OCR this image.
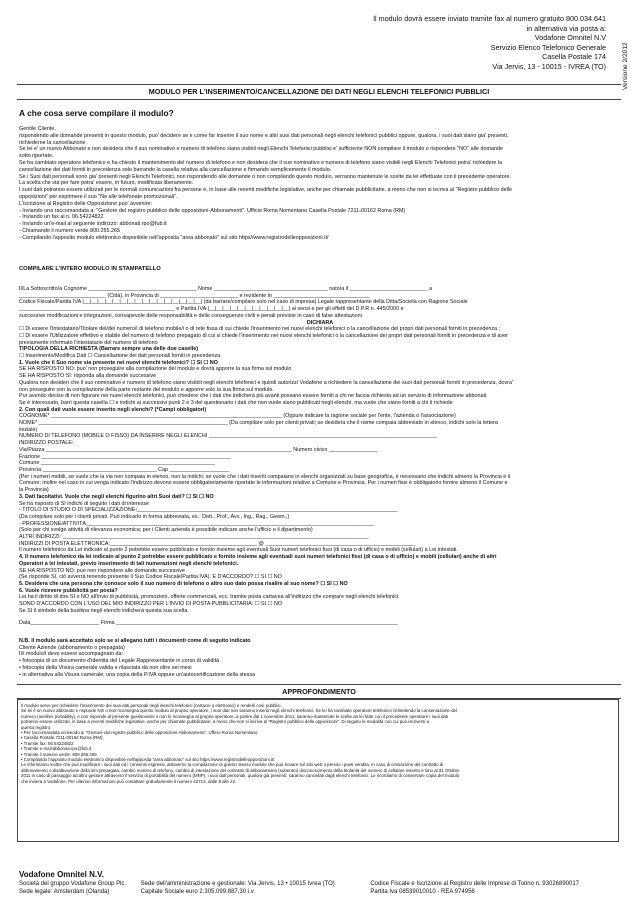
Il modulo dovrà essere inviato tramite fax al numero gratuito 800.034.641
in alternativa via posta a:
Vodafone Omnitel N.V
Servizio Elenco Telefonico Generale
Casella Postale 174
Via Jervis, 13 - 10015 - IVREA (TO) Versione 2/2012
MODULO PER L'INSERIMENTO/CANCELLAZIONE DEI DATI NEGLI ELENCHI TELEFONICI PUBBLICI
A che cosa serve compilare il modulo?

Gentile Cliente,

rispondendo alle domande presenti in questo modulo, puo' decidere se e come far inserire il suo nome e altri suoi dati personali negli elenchi telefonici pubblici oppure, qualora, i suoi dati siano gia' presenti,

richiederne la cancellazione .

Se lei e' un nuovo Abbonato e non desidera che il suo nominativo e numero di telefono siano visibili negli Elenchi Telefonici pubblici e' sufficiente NON compilare il modulo o rispondere "NO" alle domande

sotto riportate.

Se ha cambiato operatore telefonico e ha chiesto il mantenimento del numero di telefono e non desidera che il suo nominativo e numero di telefono siano visibili negli Elenchi Telefonici potra' richiedere la

cancellazione dei dati forniti in precedenza solo barrando la casella relativa alla cancellazione e firmando semplicemente il modulo.

Se i Suoi dati personali sono gia' presenti negli Elenchi Telefonici, non rispondendo alle domande o non compilando questo modulo, verranno mantenute le scelte da lei effettuate con il precedente operatore.

La scelta che sta per fare potra' essere, in futuro, modificata liberamente.

I suoi dati potranno essere utilizzati per le normali comunicazioni fra persone e, in base alle recenti modifiche legislative, anche per chiamate pubblicitarie, a meno che non si iscriva al "Registro pubblico delle

opposizioni" per esprimere il suo "No alle telefonate promozionali".

L'iscrizione al Registro delle Opposizione puo' avvenire:

- Inviando una raccomandata a: "Gestore del registro pubblico delle opposizioni-Abbonamenti". Ufficio Roma Nomentano Casella Postale 7211-00162 Roma (RM)

- Inviando un fax al n. 06.54224822

- Inviando un'e-mail al seguente indirizzo: abbonati.rpo@fub.it

- Chiamando il numero verde 800.265.265

- Compilando l'apposito modulo elettronico disponibile nell'apposita "area abbonato" sul sito https//www.registrodelleopposizioni.it/

COMPILARE L'INTERO MODULO IN STAMPATELLO

Il/La Sottoscritto/a Cognome ____________________________________ Nome ______________________________________ nato/a il __________________________ a

_____________________________ (Città), in Provincia di __________________________ e residente in ________________________________

Codice Fiscale/Partita IVA |__|__|__|__|__|__|__|__|__|__|__|__|__|__|__|__| (da barrare/compilare solo nel caso di impresa) Legale rappresentante della Ditta/Società con Ragione Sociale

____________________________________________________ e Partita IVA |__|__|__|__|__|__|__|__|__|__|__| ai sensi e per gli effetti del D.P.R n. 445/2000 e

successive modificazioni e integrazioni, consapevole delle responsabilità e delle conseguenze civili e penali previste in caso di false attestazioni

DICHIARA

☐ Di essere l'Intestatario/Titolare del/dei numero/i di telefono mobile/i o di rete fissa di cui chiede l'inserimento nei nuovi elenchi telefonici o la cancellazione dei propri dati personali forniti in precedenza ;

☐ Di essere l'Utilizzatore effettivo e stabile del numero di telefono prepagato di cui si chiede l'inserimento nei nuovi elenchi telefonici o la cancellazione dei propri dati personali forniti in precedenza e di aver

previamente informato l'intestatario del numero di telefono

TIPOLOGIA DELLA RICHIESTA (Barrare sempre una delle due caselle)

☐ Inserimento/Modifica Dati ☐ Cancellazione dei dati personali forniti in precedenza

1. Vuole che il Suo nome sia presente nei nuovi elenchi telefonici? ☐ SI ☐ NO

SE HA RISPOSTO NO: puo' non proseguire alla compilazione del modulo e dovrà apporre la sua firma sul modulo

SE HA RISPOSTO SI: risponda alla domande successive

Qualora non desideri che il suo nominativo e numero di telefono siano visibili negli elenchi telefonici e quindi autorizzi Vodafone a richiedere la cancellazione dei suoi dati personali forniti in precedenza, dovra'

non proseguire con la compilazione della parte restante del modulo e apporre solo la sua firma sul modulo.

Pur avendo deciso di non figurare nei nuovi elenchi telefonici, può chiedere che i dati che indicherà più avanti possano essere forniti a chi ne faccia richiesta ad un servizio di informazione abbonati.

Se è interessato, barri questa casella ☐ e indichi ai successivi punti 2 e 3 del questionario i dati che non vuole siano pubblicati negli elenchi, ma vuole che siano forniti a chi li richiede

2. Con quali dati vuole essere inserito negli elenchi? (*Campi obbligatori)

COGNOME* _____________________________________________________________________________ (Oppure indicare la ragione sociale per l'ente, l'azienda o l'associazione)

NOME* _______________________________________________________________ (Da compilare solo per clienti privati; se desidera che il nome compaia abbreviato in elenco, indichi solo la lettera

iniziale)

NUMERO DI TELEFONO (MOBILE O FISSO) DA INSERIRE NEGLI ELENCHI ____________________________________________________________________________

INDIRIZZO POSTALE:

Via/Piazza __________________________________________________________________________________ Numero civico ________________

Frazione _______________________________________________________________

Comune __________________________________________________________

Provincia ______________________________________ Cap ____________________

(Per i numeri mobili, se vuole che la via non compaia in elenco, non la indichi; se vuole che i dati inseriti compaiano in elenchi organizzati su base geografica, è necessario che indichi almeno la Provincia e il

Comune; inoltre nel caso in cui venga indicato l'indirizzo devono essere obbligatoriamente riportate le informazioni relative a Comune e Provincia. Per i numeri fissi è obbligatorio fornire almeno il Comune e

la Provincia)

3. Dati facoltativi. Vuole che negli elenchi figurino altri Suoi dati? ☐ SI ☐ NO

Se ha risposto di SI indichi di seguito i dati di interesse

- TITOLO DI STUDIO O DI SPECIALIZZAZIONE:_______________________________________________________________________________________

(Da compilare solo per i clienti privati. Può indicarlo in forma abbreviata, es.: Dott., Prof., Avv., Ing., Rag., Geom.,)

- PROFESSIONE/ATTIVITÀ________________________________________________________________________________________________

(Solo per chi svolge attività di rilevanza economica; per i Clienti azienda è possibile indicare anche l'ufficio o il dipartimento)

ALTRI INDIRIZZI: ______________________________________________________________________________________________________

INDIRIZZI DI POSTA ELETTRONICA:_________________________________________________ @ __________________________________________________

Il numero telefonico da Lei indicato al punto 2 potrebbe essere pubblicato e fornito insieme agli eventuali Suoi numeri telefonici fissi (di casa o di ufficio) e mobili (cellulari) a Lei intestati.

4. Il numero telefonico da lei indicato al punto 2 potrebbe essere pubblicato e fornito insieme agli eventuali suoi numeri telefonici fissi (di casa o di ufficio) e mobili (cellulari) anche di altri

Operatori a lei intestati, previo inserimento di tali numerazioni negli elenchi telefonici.

SE HA RISPOSTO NO: puo non rispondere alle domande successive

(Se risponde SI, ciò avverrà tenendo presente il Suo Codice Fiscale/Partita IVA). È D'ACCORDO? ☐ SI ☐ NO

5. Desidera che una persona che conosce solo il suo numero di telefono o altro suo dato possa risalire al suo nome? ☐ SI ☐ NO

6. Vuole ricevere pubblicità per posta?

Lei ha il diritto di dire SI o NO all'invio di pubblicità, promozioni, offerte commerciali, ecc. tramite posta cartacea all'indirizzo che compare negli elenchi telefonici.

SONO D'ACCORDO CON L'USO DEL MIO INDIRIZZO PER L'INVIO DI POSTA PUBBLICITARIA: ☐ SI ☐ NO

Se SI il simbolo della busitina negli elenchi indicherà questa sua scelta.

Data_______________________ Firma ______________________________________________________________________________________________

N.B. Il modulo sarà accettato solo se si allegano tutti i documenti come di seguito indicato

Cliente Aziende (abbonamento o prepagata)

Il/i modulo/i deve essere accompagnato da:

• fotocopia di un documento d'identità del Legale Rappresentante in corso di validità

• fotocopia della Visura camerale valida e rilasciata da non oltre sei mesi

• in alternativa alla Visura camerale, una copia della P.IVA oppure un'autocertificazione della stessa

APPROFONDIMENTO

Il modulo serve per richiedere l'inserimento dei suoi dati personali negli elenchi telefonici (cartacei o elettronici) e renderli così pubblici.

Se lei è un nuovo abbonato e risponde NO o non riconsegna questo modulo al proprio operatore, i suoi dati non saranno inseriti negli elenchi telefonici. Se lei ha cambiato operatore telefonico richiedendo la conservazione del

numero (number portability), e non risponde al presente questionario o non lo riconsegna al proprio operatore, a partire dal 1 novembre 2011, saranno mantenute le scelte da lei fatte con il precedente operatore I suoi dati

potranno essere utilizzati, in base a recenti modifiche legislative, anche per chiamate pubblicitarie, a meno che non si iscriva al "Registro pubblico delle opposizioni". Di seguito le modalità con cui può iscriversi a

questo registro:

• Per raccomandata scrivendo a: "Gestore del registro pubblico delle opposizioni-Abbonamenti". Ufficio Roma Nomentano

• Casella Postale 7211-00162 Roma (RM).

• Tramite fax: 06.54224822

• Tramite e-mail:abbonati.rpo@fub.it

• Tramite il numero verde: 800.265.265

• Compilando l'apposito modulo elettronico disponibile nell'apposita "area abbonato" sul sito https://www.registrodelleopposizioni.it/

Le informiamo inoltre che può modificare i suoi dati ed i consensi espressi, attraverso la compilazione di questo stesso modulo che può trovare sul sito web o presso i punti vendita. In caso di cessazione del contratto di

abbonamento o disattivazione della sim prepagata, cambio numero di telefono, cambio di intestazione del contratto di abbonamento (subentro) disconoscimento della titolarità del numero di cellulare inserito e sino al 31 Ottobre

2011 in caso di passaggio ad altro gestore attraverso il servizio di portabilità del numero (MNP), i suoi dati personali, qualora già presenti, saranno cancellati dagli elenchi telefonici. Le ricordiamo di conservare copia del modulo

che inviera a Vodafone. Per ulteriori informazioni può contattare gratuitamente il numero 42713, dalle 8 alle 22.

Vodafone Omnitel N.V.
Società del gruppo Vodafone Group Plc.
Sede legale: Amsterdam (Olanda)

Sede dell'amministrazione e gestionale: Via Jervis, 13 • 10015 Ivrea (TO)
Capitale Sociale euro 2.305.099.887,30 i.v.

Codice Fiscale e Iscrizione al Registro delle Imprese di Torino n. 93026890017
Partita Iva 08539010010 - REA 974956
